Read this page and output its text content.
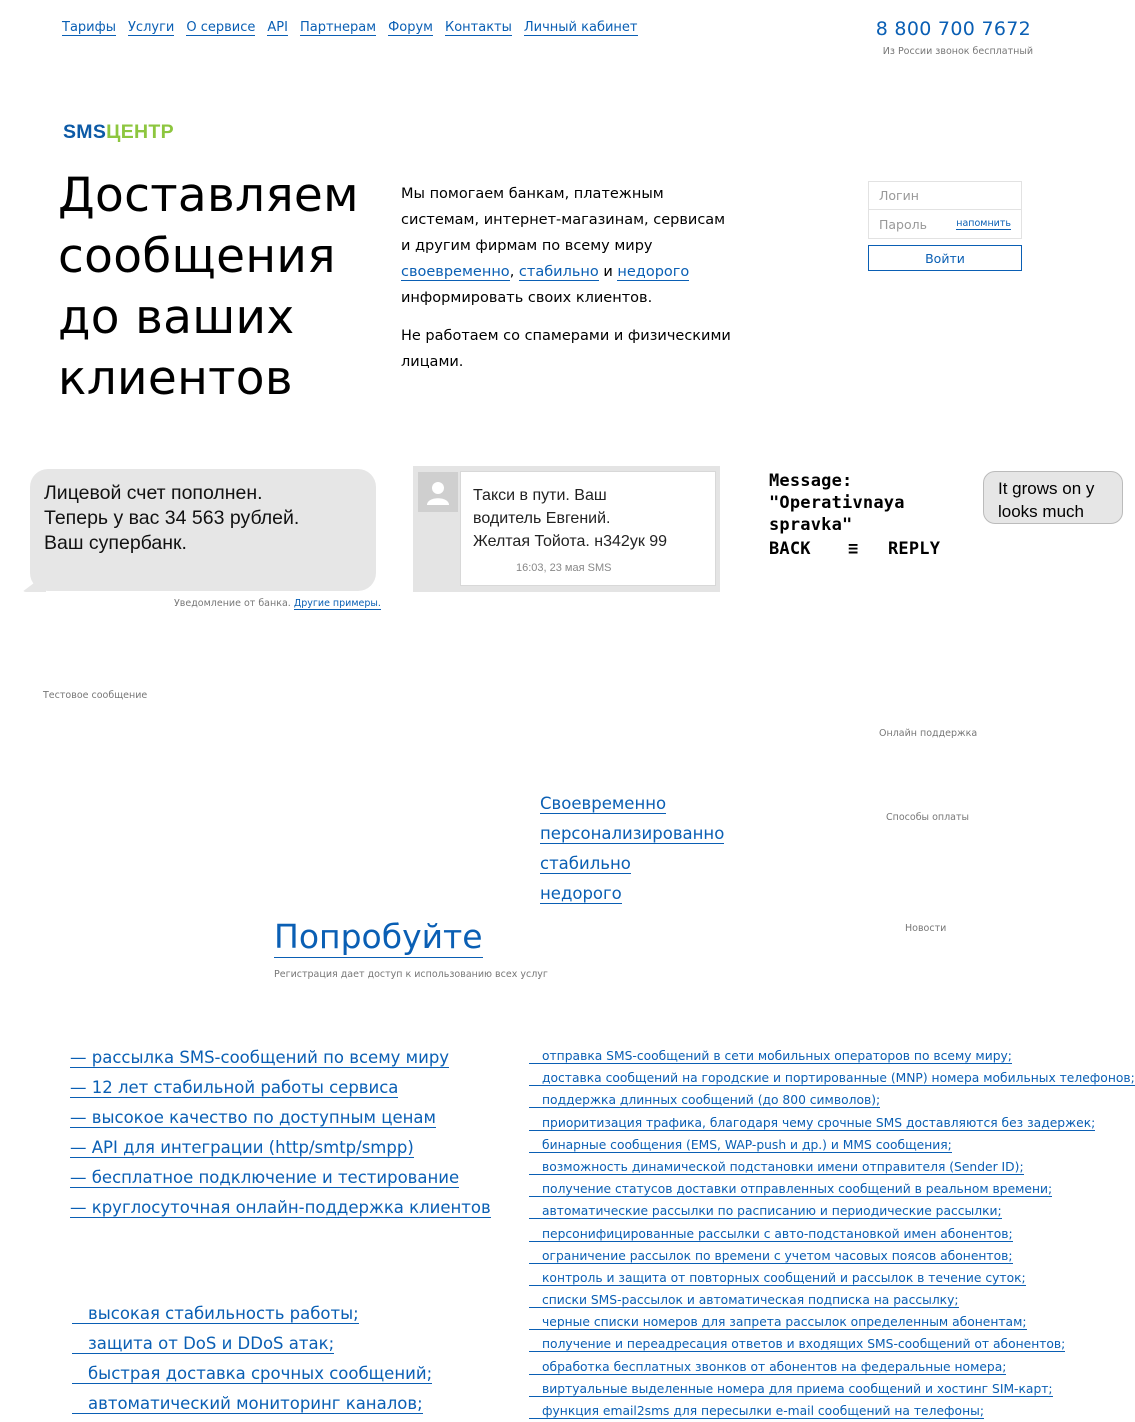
Тарифы Услуги О сервисе API Партнерам Форум Контакты Личный кабинет	8 800 700 7672
Из России звонок бесплатный
SMSЦЕНТР
Доставляем
сообщения
до ваших
клиентов

Мы помогаем банкам, платежным системам, интернет-магазинам, сервисам и другим фирмам по всему миру своевременно, стабильно и недорого информировать своих клиентов.

Не работаем со спамерами и физическими лицами.

Логин
Пароль	напомнить
Войти
Лицевой счет пополнен.
Теперь у вас 34 563 рублей.
Ваш супербанк.
Уведомление от банка. Другие примеры.
Такси в пути. Ваш
водитель Евгений.
Желтая Тойота. н342ук 99
16:03, 23 мая SMS
Message:
"Operativnaya
spravka"
BACK ≡ REPLY
It grows on y
looks much
Тестовое сообщение
Онлайн поддержка
Способы оплаты
Новости
Своевременно
персонализированно
стабильно
недорого
Попробуйте
Регистрация дает доступ к использованию всех услуг
— рассылка SMS-сообщений по всему миру
— 12 лет стабильной работы сервиса
— высокое качество по доступным ценам
— API для интеграции (http/smtp/smpp)
— бесплатное подключение и тестирование
— круглосуточная онлайн-поддержка клиентов
отправка SMS-сообщений в сети мобильных операторов по всему миру;
доставка сообщений на городские и портированные (MNP) номера мобильных телефонов;
поддержка длинных сообщений (до 800 символов);
приоритизация трафика, благодаря чему срочные SMS доставляются без задержек;
бинарные сообщения (EMS, WAP-push и др.) и MMS сообщения;
возможность динамической подстановки имени отправителя (Sender ID);
получение статусов доставки отправленных сообщений в реальном времени;
автоматические рассылки по расписанию и периодические рассылки;
персонифицированные рассылки с авто-подстановкой имен абонентов;
ограничение рассылок по времени с учетом часовых поясов абонентов;
контроль и защита от повторных сообщений и рассылок в течение суток;
списки SMS-рассылок и автоматическая подписка на рассылку;
черные списки номеров для запрета рассылок определенным абонентам;
получение и переадресация ответов и входящих SMS-сообщений от абонентов;
обработка бесплатных звонков от абонентов на федеральные номера;
виртуальные выделенные номера для приема сообщений и хостинг SIM-карт;
функция email2sms для пересылки e-mail сообщений на телефоны;
высокая стабильность работы;
защита от DoS и DDoS атак;
быстрая доставка срочных сообщений;
автоматический мониторинг каналов;
